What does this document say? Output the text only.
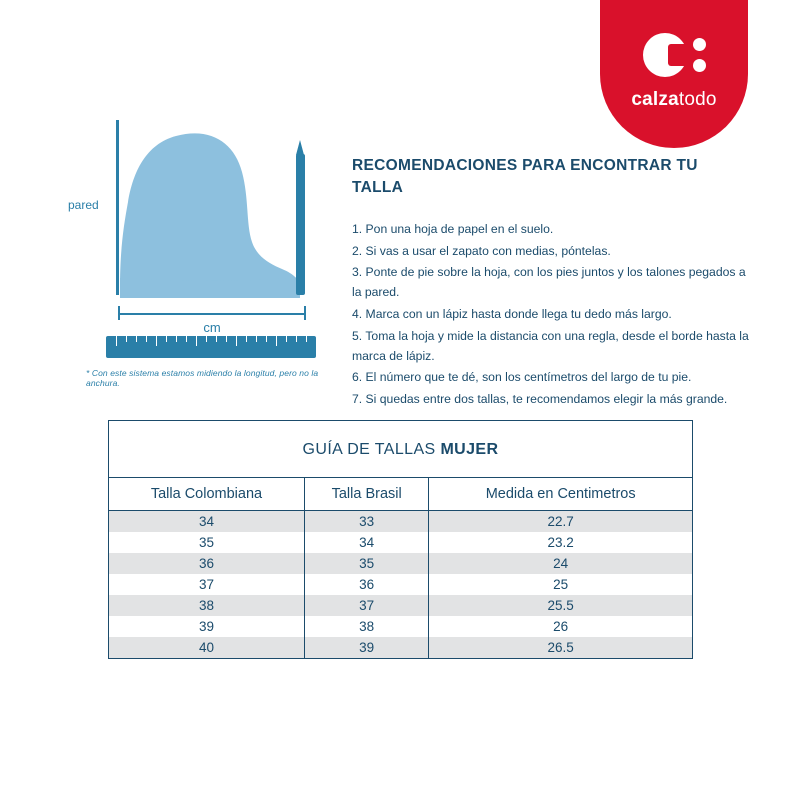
calzatodo
pared
cm
* Con este sistema estamos midiendo la longitud, pero no la anchura.
RECOMENDACIONES PARA ENCONTRAR TU TALLA
1. Pon una hoja de papel en el suelo.
2. Si vas a usar el zapato con medias, póntelas.
3. Ponte de pie sobre la hoja, con los pies juntos y los talones pegados a la pared.
4. Marca con un lápiz hasta donde llega tu dedo más largo.
5. Toma la hoja y mide la distancia con una regla, desde el borde hasta la marca de lápiz.
6. El número que te dé, son los centímetros del largo de tu pie.
7. Si quedas entre dos tallas, te recomendamos elegir la más grande.
GUÍA DE TALLAS MUJER
Talla Colombiana	Talla Brasil	Medida en Centimetros
34	33	22.7
35	34	23.2
36	35	24
37	36	25
38	37	25.5
39	38	26
40	39	26.5
